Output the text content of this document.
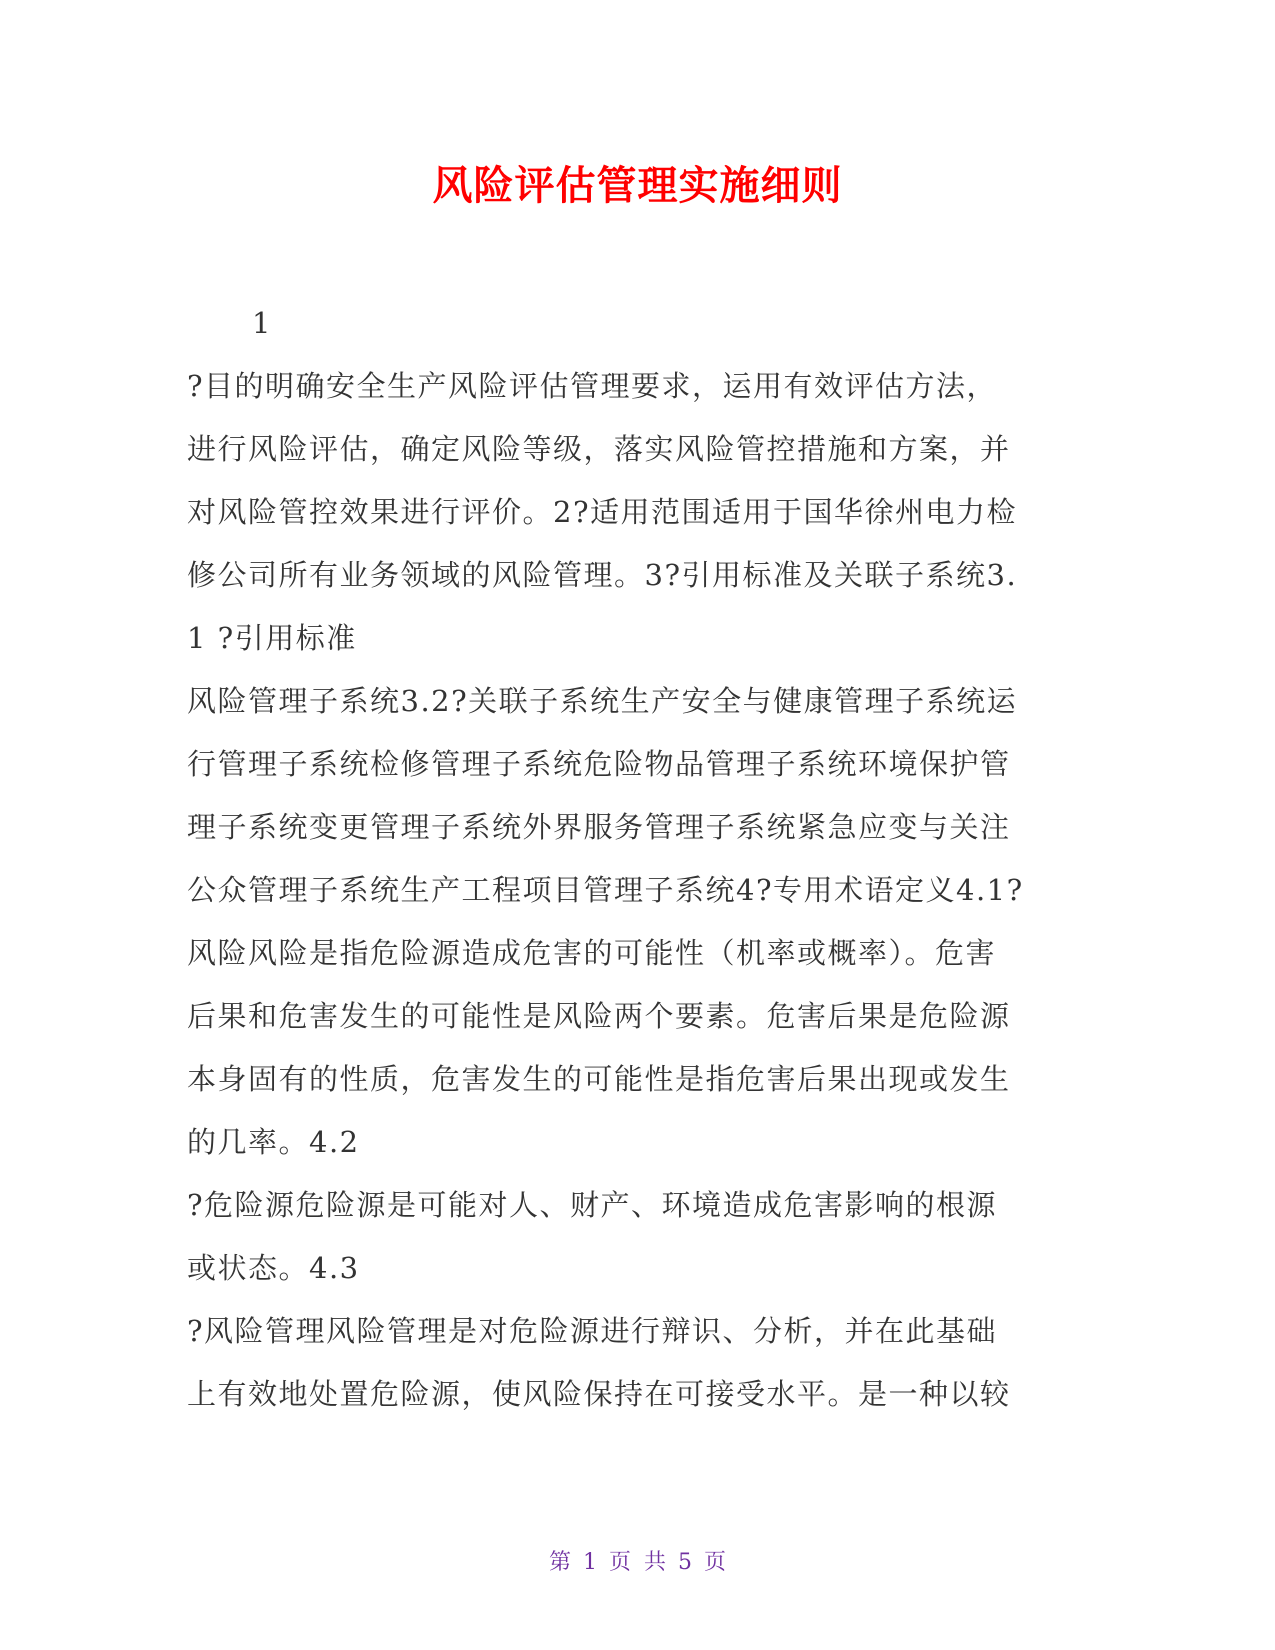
风险评估管理实施细则
1
?目的明确安全生产风险评估管理要求，运用有效评估方法，
进行风险评估，确定风险等级，落实风险管控措施和方案，并
对风险管控效果进行评价。2?适用范围适用于国华徐州电力检
修公司所有业务领域的风险管理。3?引用标准及关联子系统3.
1 ?引用标准
风险管理子系统3.2?关联子系统生产安全与健康管理子系统运
行管理子系统检修管理子系统危险物品管理子系统环境保护管
理子系统变更管理子系统外界服务管理子系统紧急应变与关注
公众管理子系统生产工程项目管理子系统4?专用术语定义4.1?
风险风险是指危险源造成危害的可能性（机率或概率）。危害
后果和危害发生的可能性是风险两个要素。危害后果是危险源
本身固有的性质，危害发生的可能性是指危害后果出现或发生
的几率。4.2
?危险源危险源是可能对人、财产、环境造成危害影响的根源
或状态。4.3
?风险管理风险管理是对危险源进行辩识、分析，并在此基础
上有效地处置危险源，使风险保持在可接受水平。是一种以较
第 1 页 共 5 页
